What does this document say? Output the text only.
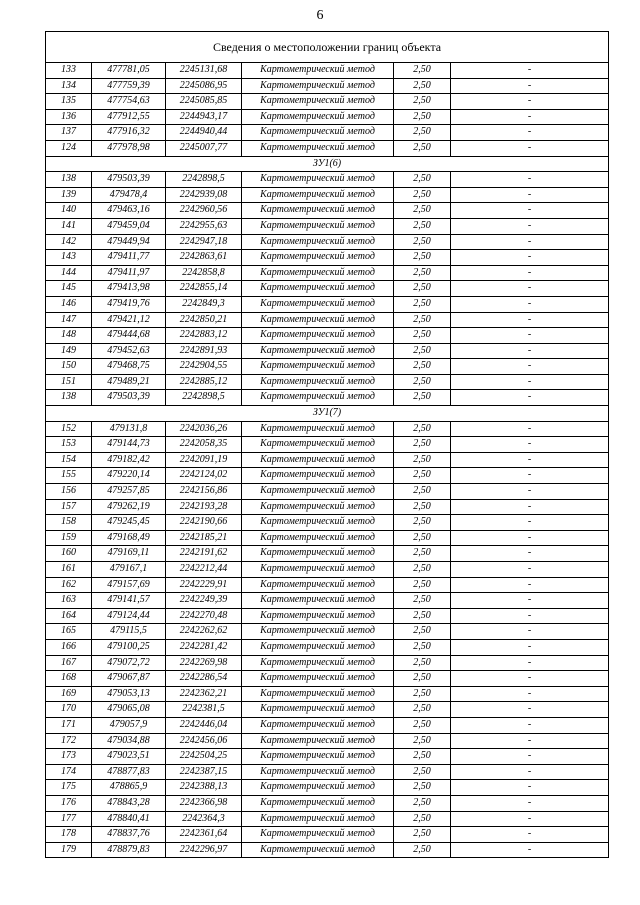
6
Сведения о местоположении границ объекта					
133	477781,05	2245131,68	Картометрический метод	2,50	-
134	477759,39	2245086,95	Картометрический метод	2,50	-
135	477754,63	2245085,85	Картометрический метод	2,50	-
136	477912,55	2244943,17	Картометрический метод	2,50	-
137	477916,32	2244940,44	Картометрический метод	2,50	-
124	477978,98	2245007,77	Картометрический метод	2,50	-
ЗУ1(6)					
138	479503,39	2242898,5	Картометрический метод	2,50	-
139	479478,4	2242939,08	Картометрический метод	2,50	-
140	479463,16	2242960,56	Картометрический метод	2,50	-
141	479459,04	2242955,63	Картометрический метод	2,50	-
142	479449,94	2242947,18	Картометрический метод	2,50	-
143	479411,77	2242863,61	Картометрический метод	2,50	-
144	479411,97	2242858,8	Картометрический метод	2,50	-
145	479413,98	2242855,14	Картометрический метод	2,50	-
146	479419,76	2242849,3	Картометрический метод	2,50	-
147	479421,12	2242850,21	Картометрический метод	2,50	-
148	479444,68	2242883,12	Картометрический метод	2,50	-
149	479452,63	2242891,93	Картометрический метод	2,50	-
150	479468,75	2242904,55	Картометрический метод	2,50	-
151	479489,21	2242885,12	Картометрический метод	2,50	-
138	479503,39	2242898,5	Картометрический метод	2,50	-
ЗУ1(7)					
152	479131,8	2242036,26	Картометрический метод	2,50	-
153	479144,73	2242058,35	Картометрический метод	2,50	-
154	479182,42	2242091,19	Картометрический метод	2,50	-
155	479220,14	2242124,02	Картометрический метод	2,50	-
156	479257,85	2242156,86	Картометрический метод	2,50	-
157	479262,19	2242193,28	Картометрический метод	2,50	-
158	479245,45	2242190,66	Картометрический метод	2,50	-
159	479168,49	2242185,21	Картометрический метод	2,50	-
160	479169,11	2242191,62	Картометрический метод	2,50	-
161	479167,1	2242212,44	Картометрический метод	2,50	-
162	479157,69	2242229,91	Картометрический метод	2,50	-
163	479141,57	2242249,39	Картометрический метод	2,50	-
164	479124,44	2242270,48	Картометрический метод	2,50	-
165	479115,5	2242262,62	Картометрический метод	2,50	-
166	479100,25	2242281,42	Картометрический метод	2,50	-
167	479072,72	2242269,98	Картометрический метод	2,50	-
168	479067,87	2242286,54	Картометрический метод	2,50	-
169	479053,13	2242362,21	Картометрический метод	2,50	-
170	479065,08	2242381,5	Картометрический метод	2,50	-
171	479057,9	2242446,04	Картометрический метод	2,50	-
172	479034,88	2242456,06	Картометрический метод	2,50	-
173	479023,51	2242504,25	Картометрический метод	2,50	-
174	478877,83	2242387,15	Картометрический метод	2,50	-
175	478865,9	2242388,13	Картометрический метод	2,50	-
176	478843,28	2242366,98	Картометрический метод	2,50	-
177	478840,41	2242364,3	Картометрический метод	2,50	-
178	478837,76	2242361,64	Картометрический метод	2,50	-
179	478879,83	2242296,97	Картометрический метод	2,50	-
